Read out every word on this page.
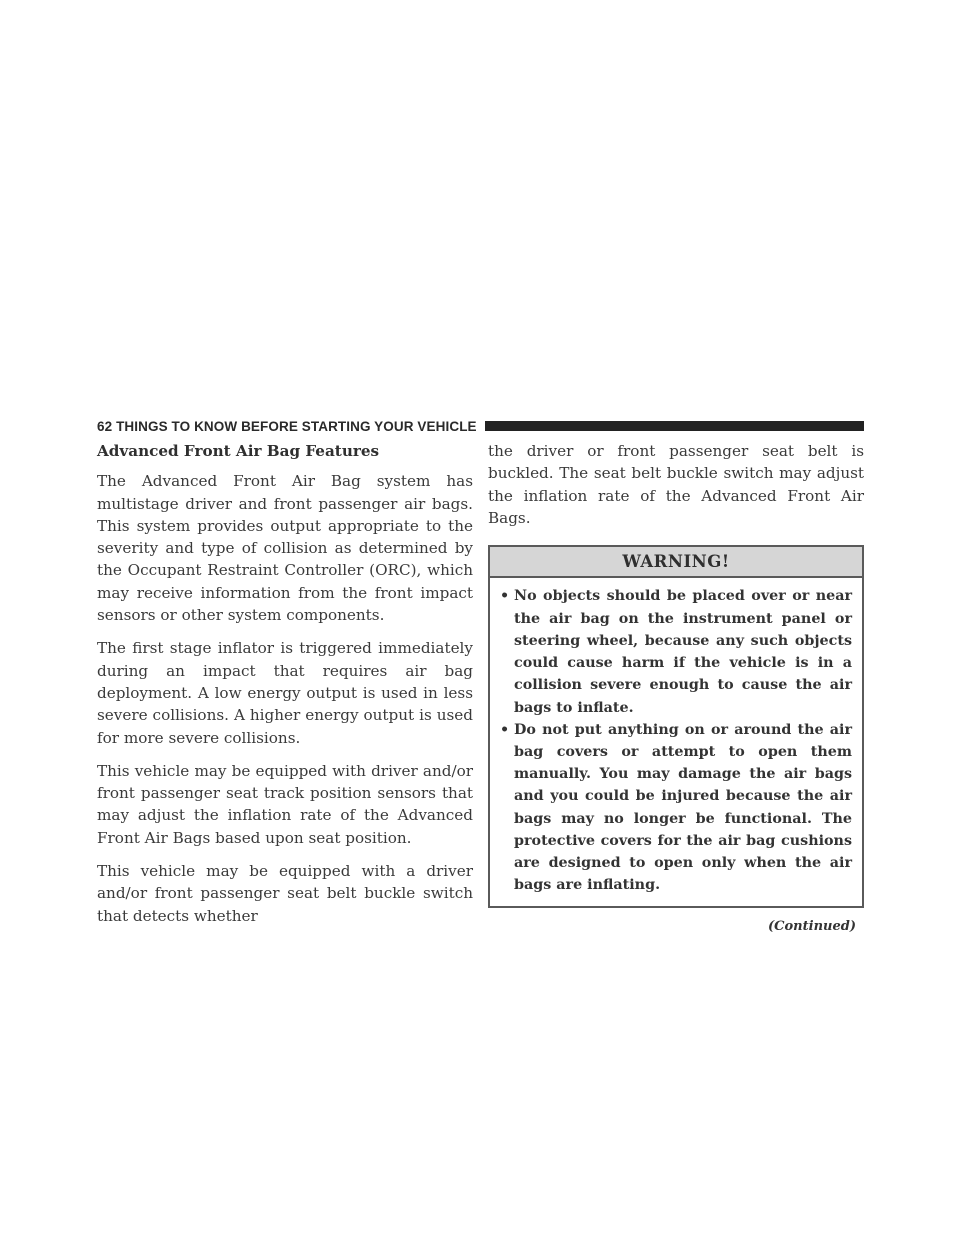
62 THINGS TO KNOW BEFORE STARTING YOUR VEHICLE
Advanced Front Air Bag Features

The Advanced Front Air Bag system has multistage driver and front passenger air bags. This system provides output appropriate to the severity and type of collision as determined by the Occupant Restraint Controller (ORC), which may receive information from the front impact sensors or other system components.

The first stage inflator is triggered immediately during an impact that requires air bag deployment. A low energy output is used in less severe collisions. A higher energy output is used for more severe collisions.

This vehicle may be equipped with driver and/or front passenger seat track position sensors that may adjust the inflation rate of the Advanced Front Air Bags based upon seat position.

This vehicle may be equipped with a driver and/or front passenger seat belt buckle switch that detects whether

the driver or front passenger seat belt is buckled. The seat belt buckle switch may adjust the inflation rate of the Advanced Front Air Bags.

WARNING!
• No objects should be placed over or near the air bag on the instrument panel or steering wheel, because any such objects could cause harm if the vehicle is in a collision severe enough to cause the air bags to inflate.
• Do not put anything on or around the air bag covers or attempt to open them manually. You may damage the air bags and you could be injured because the air bags may no longer be functional. The protective covers for the air bag cushions are designed to open only when the air bags are inflating.
(Continued)
